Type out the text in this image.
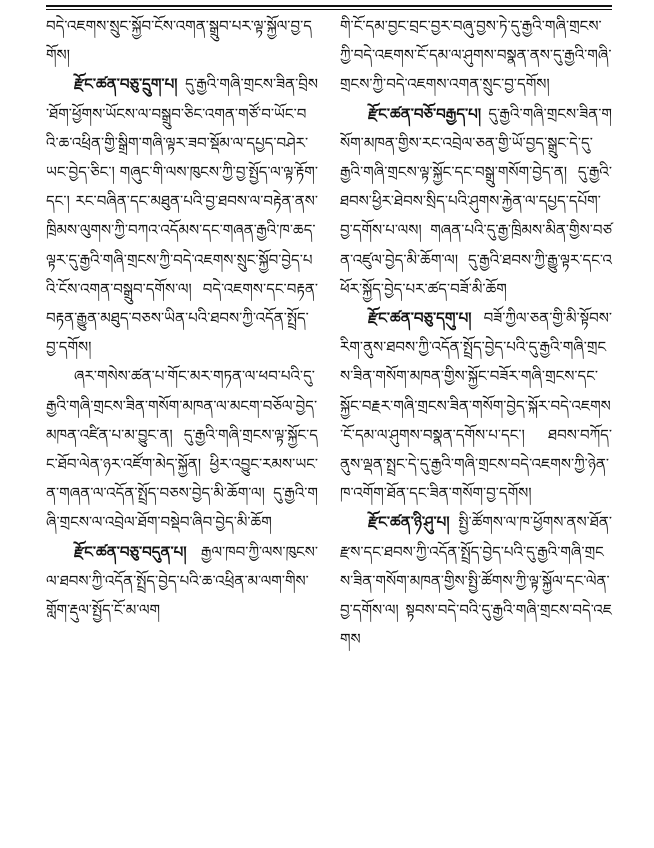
བདེ་འཇགས་སྲུང་སྐྱོབ་ངོས་འགན་སྒྲུབ་པར་ལྟ་སྐྱོལ་བྱ་དགོས།

རྫོང་ཚན་བཅུ་དྲུག་པ། དུ་རྒྱའི་གཞི་གྲངས་ཟིན་བྲིས་ཐོག་ཕྱོགས་ཡོངས་ལ་བསྒྲུབ་ཅིང་འགན་གཙོ་བ་ཡོང་བའི་ཆ་འཕྲིན་གྱི་སྒྲིག་གཞི་ལྟར་ཟབ་སྡོམ་ལ་དཔྱད་བཤེར་ཡང་བྱེད་ཅིང་། གཞུང་གི་ལས་ཁུངས་ཀྱི་བྱ་སྤྱོད་ལ་ལྟ་རྟོག་དང་། རང་བཞིན་དང་མཐུན་པའི་བྱ་ཐབས་ལ་བརྟེན་ནས་ཁྲིམས་ལུགས་ཀྱི་བཀའ་འདོམས་དང་གཞན་རྒྱའི་ཁ་ཆད་ལྟར་དུ་རྒྱའི་གཞི་གྲངས་ཀྱི་བདེ་འཇགས་སྲུང་སྐྱོབ་བྱེད་པའི་ངོས་འགན་བསྒྲུབ་དགོས་ལ། བདེ་འཇགས་དང་བརྟན་བརྟན་རྒྱུན་མཐུད་བཅས་ཡིན་པའི་ཐབས་ཀྱི་འདོན་སྤྲོད་བྱ་དགོས།

ཞར་གསེས་ཚན་པ་གོང་མར་གཏན་ལ་ཕབ་པའི་དུ་རྒྱའི་གཞི་གྲངས་ཟིན་གསོག་མཁན་ལ་མངག་བཅོལ་བྱེད་མཁན་འཛིན་པ་མ་བྱུང་ན། དུ་རྒྱའི་གཞི་གྲངས་ལྟ་སྐྱོང་དང་ཐོབ་ལེན་ཉར་འཛོག་མེད་སྐྱོན། ཕྱིར་འབྱུང་རམས་ཡང་ན་གཞན་ལ་འདོན་སྤྲོད་བཅས་བྱེད་མི་ཆོག་ལ། དུ་རྒྱའི་གཞི་གྲངས་ལ་འབྲེལ་ཐོག་བསྡེབ་ཞིབ་བྱེད་མི་ཆོག

རྫོང་ཚན་བཅུ་བདུན་པ། རྒྱལ་ཁབ་ཀྱི་ལས་ཁུངས་ལ་ཐབས་ཀྱི་འདོན་སྤྲོད་བྱེད་པའི་ཆ་འཕྲིན་མ་ལག་གིས་གློག་རྡུལ་སྤྱོད་ངོ་མ་ལག

གི་ངོ་དམ་བྱང་བྲང་བྱར་བཞུ་བྱས་ཏེ་དུ་རྒྱའི་གཞི་གྲངས་ཀྱི་བདེ་འཇགས་ངོ་དམ་ལ་ཤུགས་བསྣན་ནས་དུ་རྒྱའི་གཞི་གྲངས་ཀྱི་བདེ་འཇགས་འགན་སྲུང་བྱ་དགོས།

རྫོང་ཚན་བཅོ་བརྒྱད་པ། དུ་རྒྱའི་གཞི་གྲངས་ཟིན་གསོག་མཁན་གྱིས་རང་འབྲེལ་ཅན་གྱི་ཡོ་བྱད་སྒྲུང་དེ་དུ་རྒྱའི་གཞི་གྲངས་ལྟ་སྐྱོང་དང་བསྒྲུ་གསོག་བྱེད་ན། དུ་རྒྱའི་ཐབས་ཕྱིར་ཐེབས་སྲིད་པའི་ཤུགས་རྐྱེན་ལ་དཔྱད་དཔོག་བྱ་དགོས་པ་ལས། གཞན་པའི་དུ་རྒྱ་ཁྲིམས་མིན་གྱིས་བཙན་འཛུལ་བྱེད་མི་ཆོག་ལ། དུ་རྒྱའི་ཐབས་ཀྱི་རྒྱུ་ལྟར་དང་འཕོར་སྐྱོད་བྱེད་པར་ཚད་བཟོ་མི་ཆོག

རྫོང་ཚན་བཅུ་དགུ་པ། བཟོ་ཀྱིལ་ཅན་གྱི་མི་སྟོབས་རིག་ནུས་ཐབས་ཀྱི་འདོན་སྤྲོད་བྱེད་པའི་དུ་རྒྱའི་གཞི་གྲངས་ཟིན་གསོག་མཁན་གྱིས་སྐྱོང་བཟོར་གཞི་གྲངས་དང་སྐྱོང་བརྗར་གཞི་གྲངས་ཟིན་གསོག་བྱེད་སྐོར་བདེ་འཇགས་ངོ་དམ་ལ་ཤུགས་བསྣན་དགོས་པ་དང་། ཐབས་བཀོད་ནུས་ལྡན་སྤྲང་དེ་དུ་རྒྱའི་གཞི་གྲངས་བདེ་འཇགས་ཀྱི་ཉེན་ཁ་འགོག་ཐོན་དང་ཟིན་གསོག་བྱ་དགོས།

རྫོང་ཚན་ཉི་ཤུ་པ། སྤྱི་ཚོགས་ལ་ཁ་ཕྱོགས་ནས་ཐོན་རྫས་དང་ཐབས་ཀྱི་འདོན་སྤྲོད་བྱེད་པའི་དུ་རྒྱའི་གཞི་གྲངས་ཟིན་གསོག་མཁན་གྱིས་སྤྱི་ཚོགས་ཀྱི་ལྟ་སྐྱོལ་དང་ལེན་བྱ་དགོས་ལ། སྟབས་བདེ་བའི་དུ་རྒྱའི་གཞི་གྲངས་བདེ་འཇགས
